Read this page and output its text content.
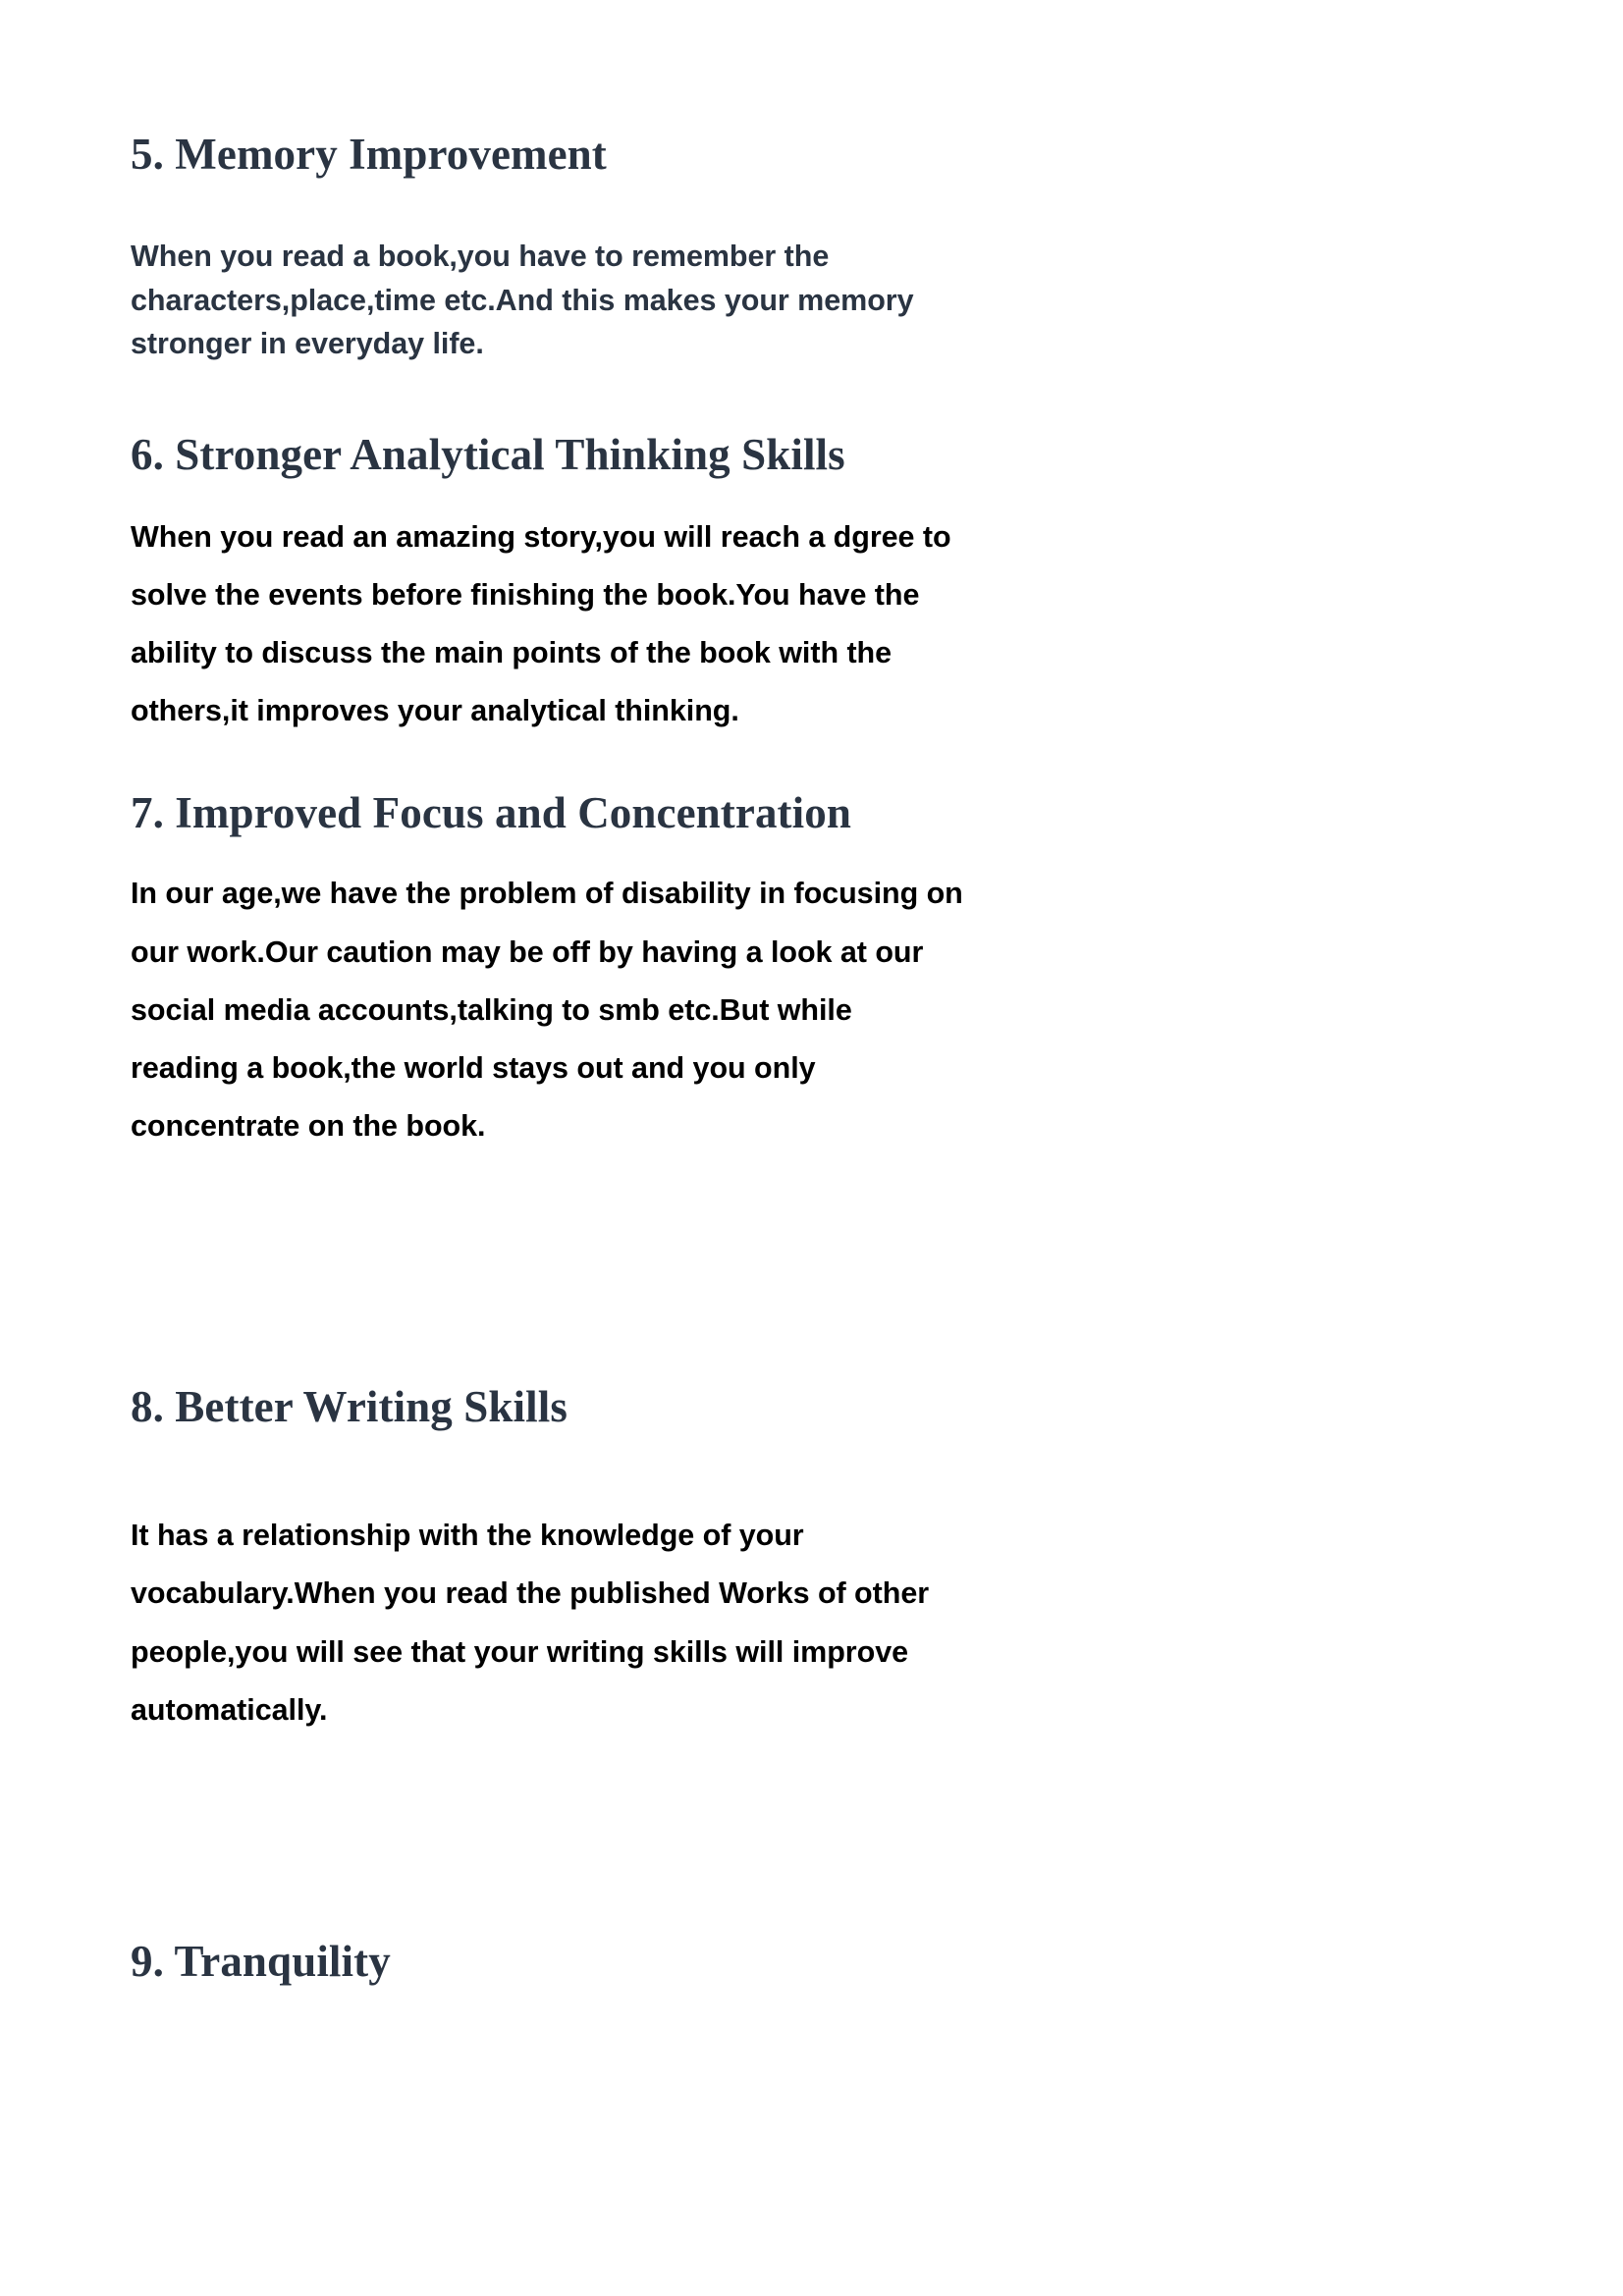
5. Memory Improvement

When you read a book,you have to remember the characters,place,time etc.And this makes your memory stronger in everyday life.

6. Stronger Analytical Thinking Skills

When you read an amazing story,you will reach a dgree to solve the events before finishing the book.You have the ability to discuss the main points of the book with the others,it improves your analytical thinking.

7. Improved Focus and Concentration

In our age,we have the problem of disability in focusing on our work.Our caution may be off by having a look at our social media accounts,talking to smb etc.But while reading a book,the world stays out and you only concentrate on the book.

8. Better Writing Skills

It has a relationship with the knowledge of your vocabulary.When you read the published Works of other people,you will see that your writing skills will improve automatically.

9. Tranquility
